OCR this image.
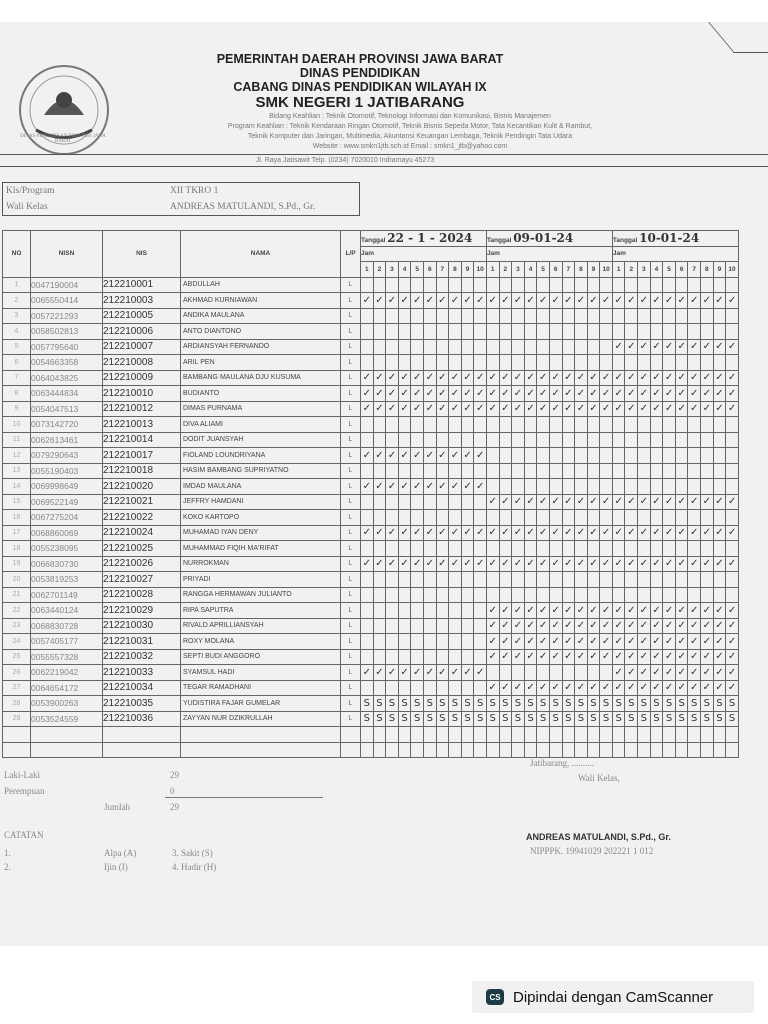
DINAS PENDIDIKAN PROVINSI JAWA BARAT
PEMERINTAH DAERAH PROVINSI JAWA BARAT
DINAS PENDIDIKAN
CABANG DINAS PENDIDIKAN WILAYAH IX
SMK NEGERI 1 JATIBARANG
Bidang Keahlian : Teknik Otomotif, Teknologi Informasi dan Komunikasi, Bisnis Manajemen
Program Keahlian : Teknik Kendaraan Ringan Otomotif, Teknik Bisnis Sepeda Motor, Tata Kecantikan Kulit & Rambut,
Teknik Komputer dan Jaringan, Multimedia, Akuntansi Keuangan Lembaga, Teknik Pendingin Tata Udara
Website : www.smkn1jtb.sch.id Email : smkn1_jtb@yahoo.com
Jl. Raya Jatisawit Telp. (0234) 7020010 Indramayu 45273
Kls/Program
Wali Kelas
XII TKRO 1
ANDREAS MATULANDI, S.Pd., Gr.
NO	NISN	NIS	NAMA	L/P	Tanggal 22 - 1 - 2024										Tanggal 09-01-24										Tanggal 10-01-24									
					Jam										Jam										Jam									
					1	2	3	4	5	6	7	8	9	10	1	2	3	4	5	6	7	8	9	10	1	2	3	4	5	6	7	8	9	10
1	0047190004	212210001	ABDULLAH	L																														
2	0065550414	212210003	AKHMAD KURNIAWAN	L	✓	✓	✓	✓	✓	✓	✓	✓	✓	✓	✓	✓	✓	✓	✓	✓	✓	✓	✓	✓	✓	✓	✓	✓	✓	✓	✓	✓	✓	✓
3	0057221293	212210005	ANDIKA MAULANA	L																														
4	0058502813	212210006	ANTO DIANTONO	L																														
5	0057795640	212210007	ARDIANSYAH FERNANDO	L																					✓	✓	✓	✓	✓	✓	✓	✓	✓	✓
6	0054663358	212210008	ARIL PEN	L																														
7	0064043825	212210009	BAMBANG MAULANA DJU KUSUMA	L	✓	✓	✓	✓	✓	✓	✓	✓	✓	✓	✓	✓	✓	✓	✓	✓	✓	✓	✓	✓	✓	✓	✓	✓	✓	✓	✓	✓	✓	✓
8	0063444834	212210010	BUDIANTO	L	✓	✓	✓	✓	✓	✓	✓	✓	✓	✓	✓	✓	✓	✓	✓	✓	✓	✓	✓	✓	✓	✓	✓	✓	✓	✓	✓	✓	✓	✓
9	0054047513	212210012	DIMAS PURNAMA	L	✓	✓	✓	✓	✓	✓	✓	✓	✓	✓	✓	✓	✓	✓	✓	✓	✓	✓	✓	✓	✓	✓	✓	✓	✓	✓	✓	✓	✓	✓
10	0073142720	212210013	DIVA ALIAMI	L																														
11	0062613461	212210014	DODIT JUANSYAH	L																														
12	0079290643	212210017	FIOLAND LOUNDRIYANA	L	✓	✓	✓	✓	✓	✓	✓	✓	✓	✓																				
13	0055190403	212210018	HASIM BAMBANG SUPRIYATNO	L																														
14	0069998649	212210020	IMDAD MAULANA	L	✓	✓	✓	✓	✓	✓	✓	✓	✓	✓																				
15	0069522149	212210021	JEFFRY HAMDANI	L											✓	✓	✓	✓	✓	✓	✓	✓	✓	✓	✓	✓	✓	✓	✓	✓	✓	✓	✓	✓
16	0067275204	212210022	KOKO KARTOPO	L																														
17	0068860069	212210024	MUHAMAD IYAN DENY	L	✓	✓	✓	✓	✓	✓	✓	✓	✓	✓	✓	✓	✓	✓	✓	✓	✓	✓	✓	✓	✓	✓	✓	✓	✓	✓	✓	✓	✓	✓
18	0055238095	212210025	MUHAMMAD FIQIH MA'RIFAT	L																														
19	0066830730	212210026	NURROKMAN	L	✓	✓	✓	✓	✓	✓	✓	✓	✓	✓	✓	✓	✓	✓	✓	✓	✓	✓	✓	✓	✓	✓	✓	✓	✓	✓	✓	✓	✓	✓
20	0053819253	212210027	PRIYADI	L																														
21	0062701149	212210028	RANGGA HERMAWAN JULIANTO	L																														
22	0063440124	212210029	RIPA SAPUTRA	L											✓	✓	✓	✓	✓	✓	✓	✓	✓	✓	✓	✓	✓	✓	✓	✓	✓	✓	✓	✓
23	0068830728	212210030	RIVALD APRILLIANSYAH	L											✓	✓	✓	✓	✓	✓	✓	✓	✓	✓	✓	✓	✓	✓	✓	✓	✓	✓	✓	✓
24	0057405177	212210031	ROXY MOLANA	L											✓	✓	✓	✓	✓	✓	✓	✓	✓	✓	✓	✓	✓	✓	✓	✓	✓	✓	✓	✓
25	0055557328	212210032	SEPTI BUDI ANGGORO	L											✓	✓	✓	✓	✓	✓	✓	✓	✓	✓	✓	✓	✓	✓	✓	✓	✓	✓	✓	✓
26	0062219042	212210033	SYAMSUL HADI	L	✓	✓	✓	✓	✓	✓	✓	✓	✓	✓											✓	✓	✓	✓	✓	✓	✓	✓	✓	✓
27	0064654172	212210034	TEGAR RAMADHANI	L											✓	✓	✓	✓	✓	✓	✓	✓	✓	✓	✓	✓	✓	✓	✓	✓	✓	✓	✓	✓
28	0053900263	212210035	YUDISTIRA FAJAR GUMELAR	L	S	S	S	S	S	S	S	S	S	S	S	S	S	S	S	S	S	S	S	S	S	S	S	S	S	S	S	S	S	S
29	0053524559	212210036	ZAYYAN NUR DZIKRULLAH	L	S	S	S	S	S	S	S	S	S	S	S	S	S	S	S	S	S	S	S	S	S	S	S	S	S	S	S	S	S	S

Laki-Laki	29
Perempuan	0
Jumlah	29
CATATAN
1.
2.
Alpa (A)
Ijin (I)
3. Sakit (S)
4. Hadir (H)
Jatibarang, ..........
Wali Kelas,
ANDREAS MATULANDI, S.Pd., Gr.
NIPPPK. 19941029 202221 1 012
CS Dipindai dengan CamScanner
